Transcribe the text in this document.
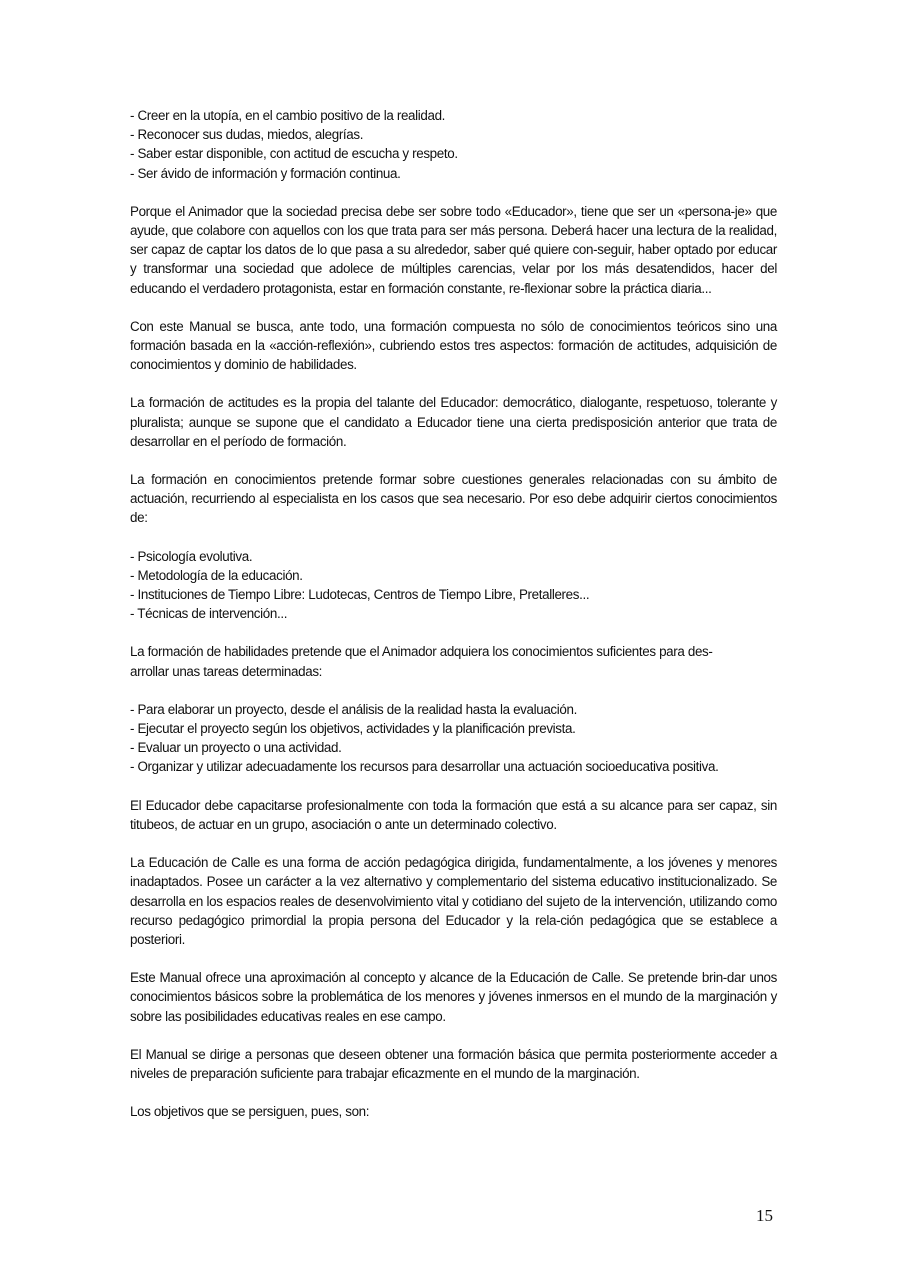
- Creer en la utopía, en el cambio positivo de la realidad.
- Reconocer sus dudas, miedos, alegrías.
- Saber estar disponible, con actitud de escucha y respeto.
- Ser ávido de información y formación continua.

Porque el Animador que la sociedad precisa debe ser sobre todo «Educador», tiene que ser un «persona-je» que ayude, que colabore con aquellos con los que trata para ser más persona. Deberá hacer una lectura de la realidad, ser capaz de captar los datos de lo que pasa a su alrededor, saber qué quiere con-seguir, haber optado por educar y transformar una sociedad que adolece de múltiples carencias, velar por los más desatendidos, hacer del educando el verdadero protagonista, estar en formación constante, re-flexionar sobre la práctica diaria...

Con este Manual se busca, ante todo, una formación compuesta no sólo de conocimientos teóricos sino una formación basada en la «acción-reflexión», cubriendo estos tres aspectos: formación de actitudes, adquisición de conocimientos y dominio de habilidades.

La formación de actitudes es la propia del talante del Educador: democrático, dialogante, respetuoso, tolerante y pluralista; aunque se supone que el candidato a Educador tiene una cierta predisposición anterior que trata de desarrollar en el período de formación.

La formación en conocimientos pretende formar sobre cuestiones generales relacionadas con su ámbito de actuación, recurriendo al especialista en los casos que sea necesario. Por eso debe adquirir ciertos conocimientos de:

- Psicología evolutiva.
- Metodología de la educación.
- Instituciones de Tiempo Libre: Ludotecas, Centros de Tiempo Libre, Pretalleres...
- Técnicas de intervención...
La formación de habilidades pretende que el Animador adquiera los conocimientos suficientes para des-
arrollar unas tareas determinadas:
- Para elaborar un proyecto, desde el análisis de la realidad hasta la evaluación.
- Ejecutar el proyecto según los objetivos, actividades y la planificación prevista.
- Evaluar un proyecto o una actividad.
- Organizar y utilizar adecuadamente los recursos para desarrollar una actuación socioeducativa positiva.

El Educador debe capacitarse profesionalmente con toda la formación que está a su alcance para ser capaz, sin titubeos, de actuar en un grupo, asociación o ante un determinado colectivo.

La Educación de Calle es una forma de acción pedagógica dirigida, fundamentalmente, a los jóvenes y menores inadaptados. Posee un carácter a la vez alternativo y complementario del sistema educativo institucionalizado. Se desarrolla en los espacios reales de desenvolvimiento vital y cotidiano del sujeto de la intervención, utilizando como recurso pedagógico primordial la propia persona del Educador y la rela-ción pedagógica que se establece a posteriori.

Este Manual ofrece una aproximación al concepto y alcance de la Educación de Calle. Se pretende brin-dar unos conocimientos básicos sobre la problemática de los menores y jóvenes inmersos en el mundo de la marginación y sobre las posibilidades educativas reales en ese campo.

El Manual se dirige a personas que deseen obtener una formación básica que permita posteriormente acceder a niveles de preparación suficiente para trabajar eficazmente en el mundo de la marginación.

Los objetivos que se persiguen, pues, son:

15
